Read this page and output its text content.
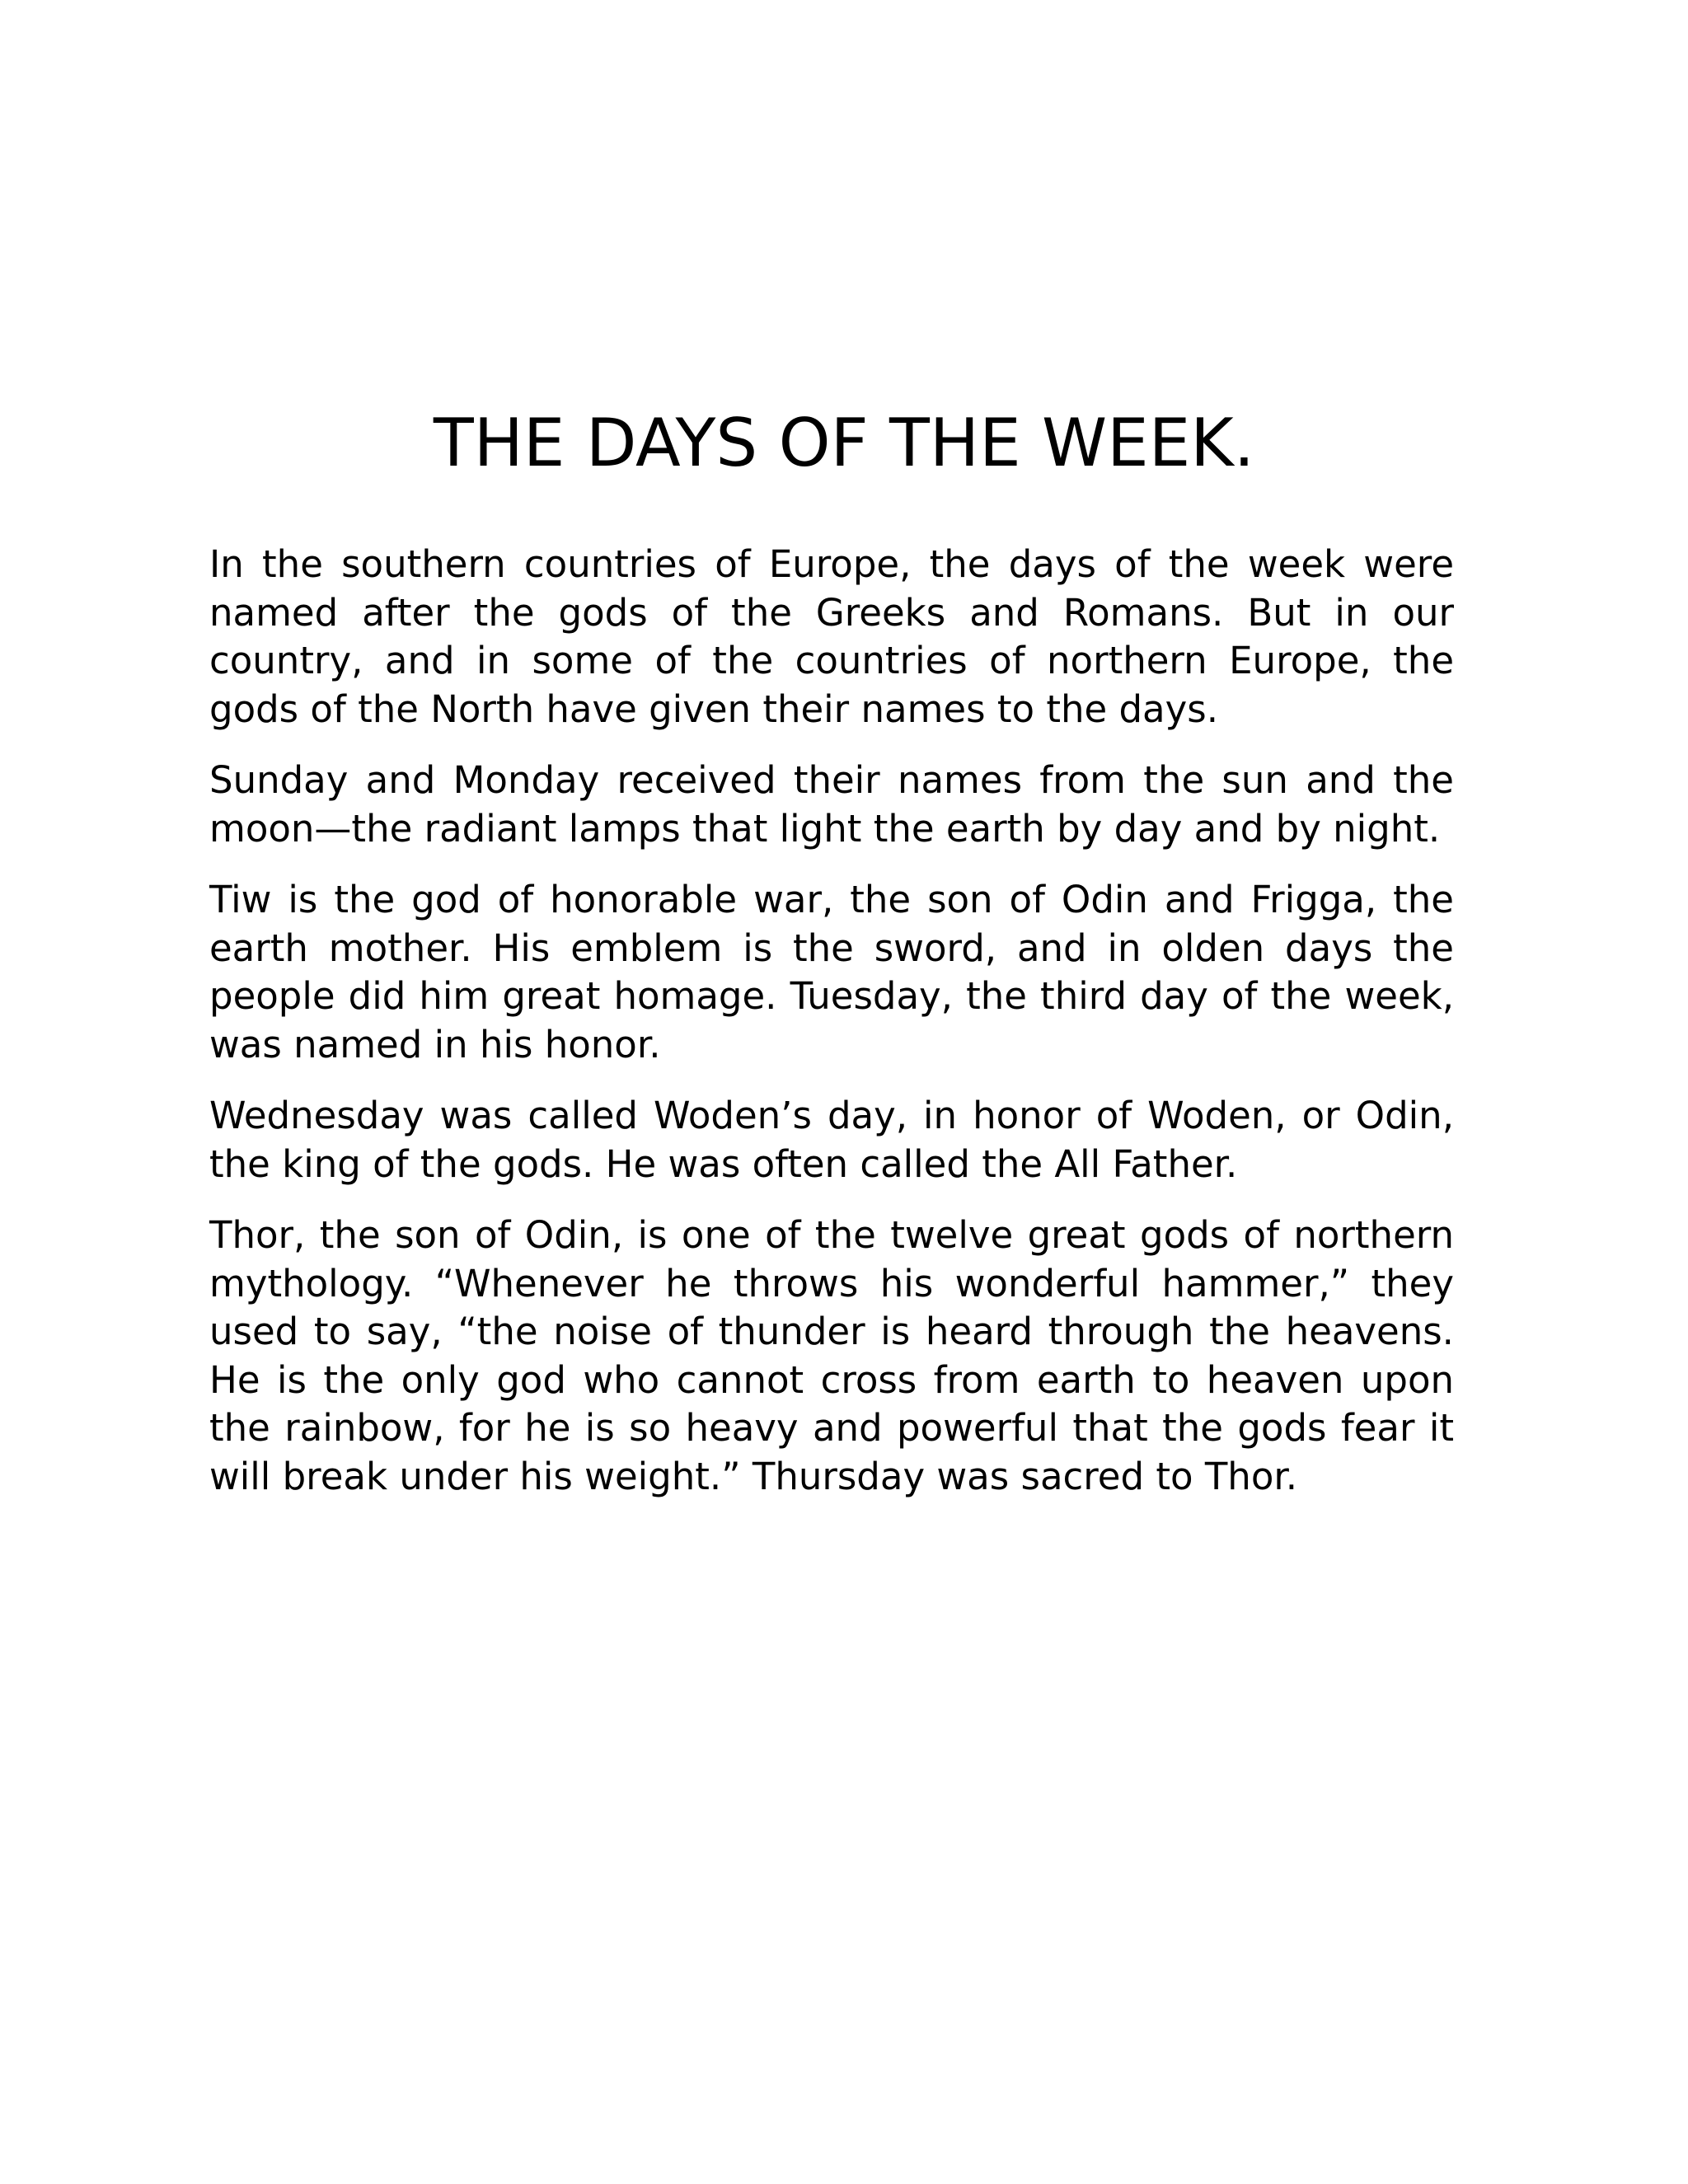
THE DAYS OF THE WEEK.

In the southern countries of Europe, the days of the week were named after the gods of the Greeks and Romans. But in our country, and in some of the countries of northern Europe, the gods of the North have given their names to the days.

Sunday and Monday received their names from the sun and the moon—the radiant lamps that light the earth by day and by night.

Tiw is the god of honorable war, the son of Odin and Frigga, the earth mother. His emblem is the sword, and in olden days the people did him great homage. Tuesday, the third day of the week, was named in his honor.

Wednesday was called Woden’s day, in honor of Woden, or Odin, the king of the gods. He was often called the All Father.

Thor, the son of Odin, is one of the twelve great gods of northern mythology. “Whenever he throws his wonderful hammer,” they used to say, “the noise of thunder is heard through the heavens. He is the only god who cannot cross from earth to heaven upon the rainbow, for he is so heavy and powerful that the gods fear it will break under his weight.” Thursday was sacred to Thor.
